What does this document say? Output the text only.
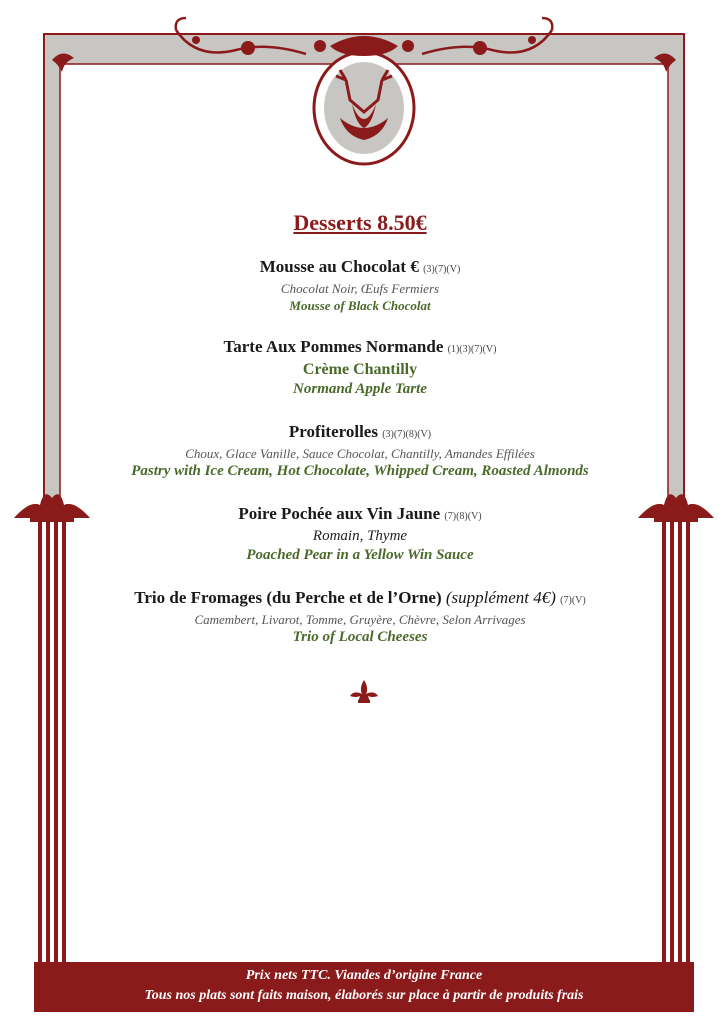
Desserts 8.50€
Mousse au Chocolat € (3)(7)(V)
Chocolat Noir, Œufs Fermiers
Mousse of Black Chocolat
Tarte Aux Pommes Normande (1)(3)(7)(V)
Crème Chantilly
Normand Apple Tarte
Profiterolles (3)(7)(8)(V)
Choux, Glace Vanille, Sauce Chocolat, Chantilly, Amandes Effilées
Pastry with Ice Cream, Hot Chocolate, Whipped Cream, Roasted Almonds
Poire Pochée aux Vin Jaune (7)(8)(V)
Romain, Thyme
Poached Pear in a Yellow Win Sauce
Trio de Fromages (du Perche et de l’Orne) (supplément 4€) (7)(V)
Camembert, Livarot, Tomme, Gruyère, Chèvre, Selon Arrivages
Trio of Local Cheeses
Prix nets TTC. Viandes d’origine France
Tous nos plats sont faits maison, élaborés sur place à partir de produits frais
